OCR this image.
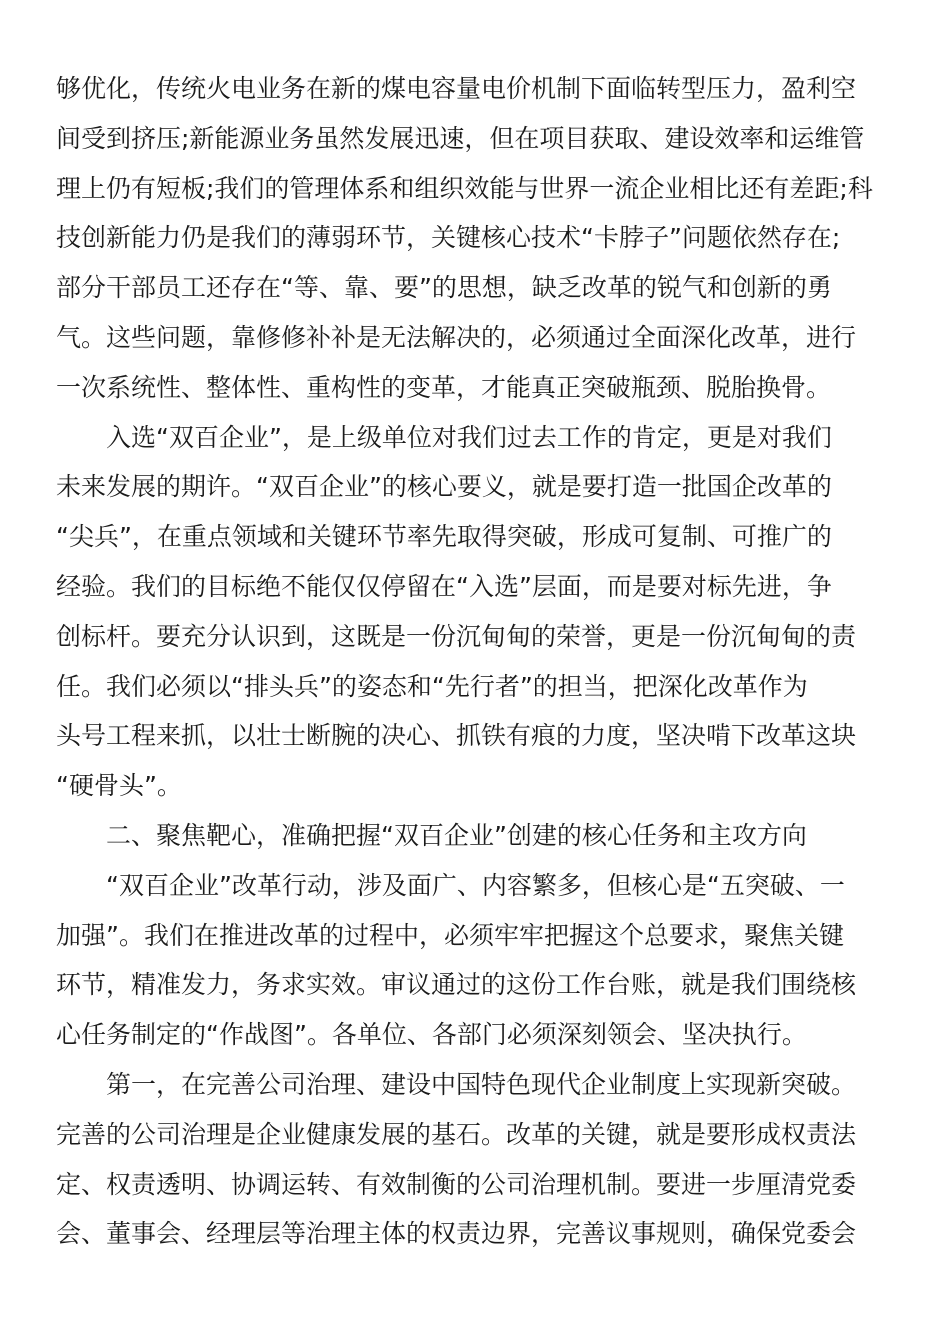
够优化，传统火电业务在新的煤电容量电价机制下面临转型压力，盈利空
间受到挤压;新能源业务虽然发展迅速，但在项目获取、建设效率和运维管
理上仍有短板;我们的管理体系和组织效能与世界一流企业相比还有差距;科
技创新能力仍是我们的薄弱环节，关键核心技术“卡脖子”问题依然存在;
部分干部员工还存在“等、靠、要”的思想，缺乏改革的锐气和创新的勇
气。这些问题，靠修修补补是无法解决的，必须通过全面深化改革，进行
一次系统性、整体性、重构性的变革，才能真正突破瓶颈、脱胎换骨。
入选“双百企业”，是上级单位对我们过去工作的肯定，更是对我们
未来发展的期许。“双百企业”的核心要义，就是要打造一批国企改革的
“尖兵”，在重点领域和关键环节率先取得突破，形成可复制、可推广的
经验。我们的目标绝不能仅仅停留在“入选”层面，而是要对标先进，争
创标杆。要充分认识到，这既是一份沉甸甸的荣誉，更是一份沉甸甸的责
任。我们必须以“排头兵”的姿态和“先行者”的担当，把深化改革作为
头号工程来抓，以壮士断腕的决心、抓铁有痕的力度，坚决啃下改革这块
“硬骨头”。
二、聚焦靶心，准确把握“双百企业”创建的核心任务和主攻方向
“双百企业”改革行动，涉及面广、内容繁多，但核心是“五突破、一
加强”。我们在推进改革的过程中，必须牢牢把握这个总要求，聚焦关键
环节，精准发力，务求实效。审议通过的这份工作台账，就是我们围绕核
心任务制定的“作战图”。各单位、各部门必须深刻领会、坚决执行。
第一，在完善公司治理、建设中国特色现代企业制度上实现新突破。
完善的公司治理是企业健康发展的基石。改革的关键，就是要形成权责法
定、权责透明、协调运转、有效制衡的公司治理机制。要进一步厘清党委
会、董事会、经理层等治理主体的权责边界，完善议事规则，确保党委会
